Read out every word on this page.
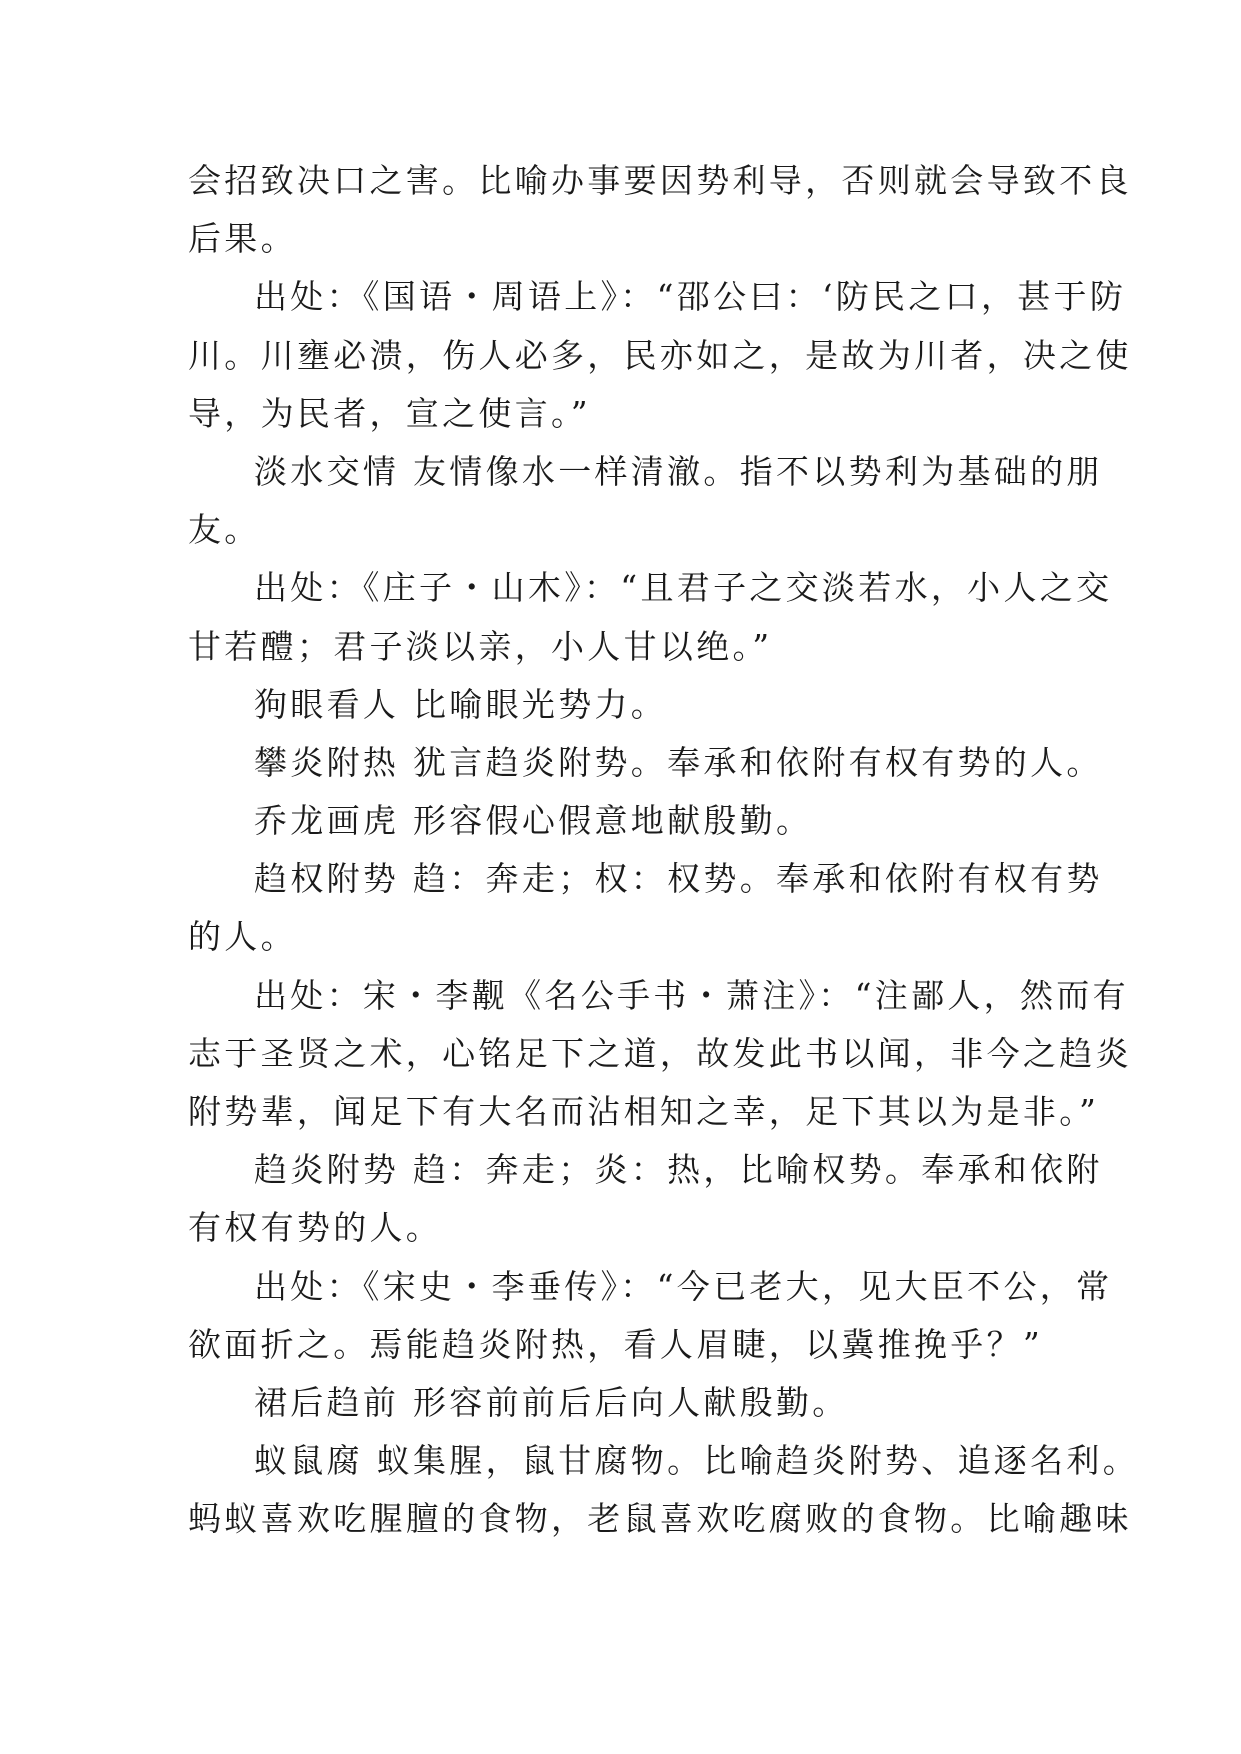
会招致决口之害。比喻办事要因势利导，否则就会导致不良
后果。
出处：《国语・周语上》：“邵公曰：‘防民之口，甚于防
川。川壅必溃，伤人必多，民亦如之，是故为川者，决之使
导，为民者，宣之使言。”
淡水交情 友情像水一样清澈。指不以势利为基础的朋
友。
出处：《庄子・山木》：“且君子之交淡若水，小人之交
甘若醴；君子淡以亲，小人甘以绝。”
狗眼看人 比喻眼光势力。
攀炎附热 犹言趋炎附势。奉承和依附有权有势的人。
乔龙画虎 形容假心假意地献殷勤。
趋权附势 趋：奔走；权：权势。奉承和依附有权有势
的人。
出处：宋・李觏《名公手书・萧注》：“注鄙人，然而有
志于圣贤之术，心铭足下之道，故发此书以闻，非今之趋炎
附势辈，闻足下有大名而沾相知之幸，足下其以为是非。”
趋炎附势 趋：奔走；炎：热，比喻权势。奉承和依附
有权有势的人。
出处：《宋史・李垂传》：“今已老大，见大臣不公，常
欲面折之。焉能趋炎附热，看人眉睫，以冀推挽乎？”
裙后趋前 形容前前后后向人献殷勤。
蚁鼠腐 蚁集腥，鼠甘腐物。比喻趋炎附势、追逐名利。
蚂蚁喜欢吃腥膻的食物，老鼠喜欢吃腐败的食物。比喻趣味
